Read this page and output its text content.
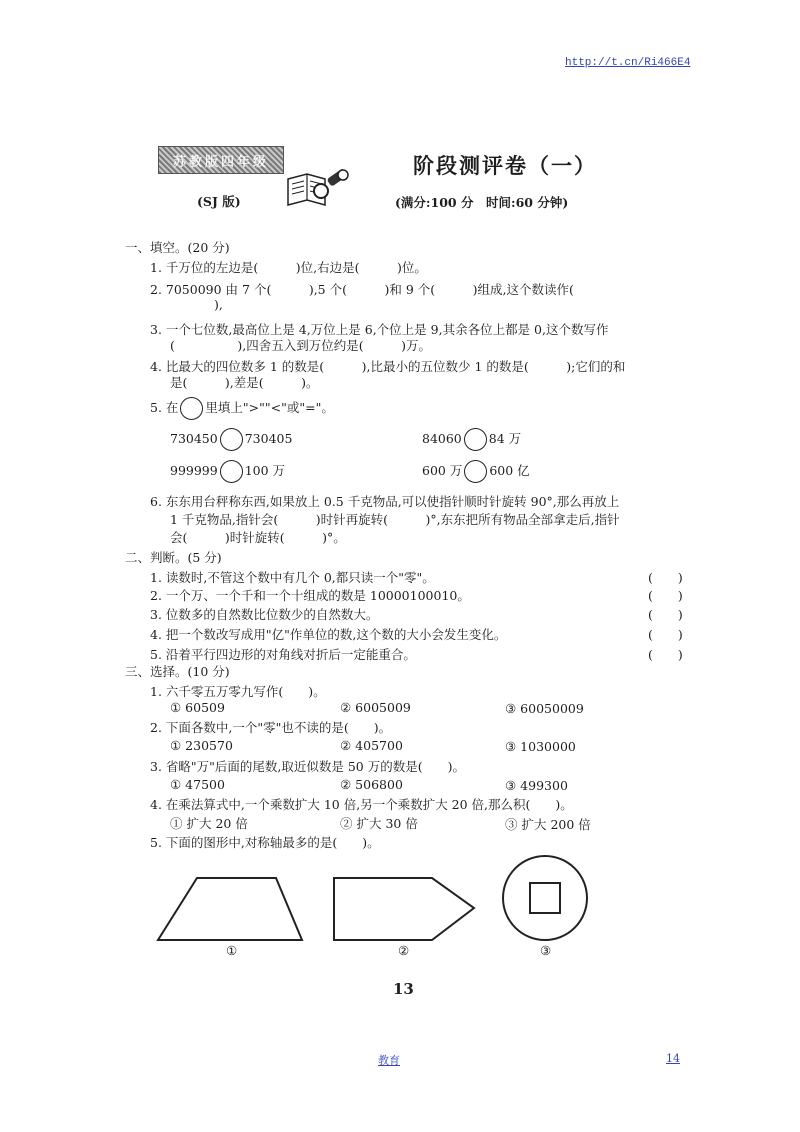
http://t.cn/Ri466E4
苏教版四年级	阶段测评卷（一）
(SJ 版)	(满分:100 分　时间:60 分钟)
一、填空。(20 分)
1. 千万位的左边是(　　　)位,右边是(　　　)位。
2. 7050090 由 7 个(　　　),5 个(　　　)和 9 个(　　　)组成,这个数读作(
),
3. 一个七位数,最高位上是 4,万位上是 6,个位上是 9,其余各位上都是 0,这个数写作
(　　　　　),四舍五入到万位约是(　　　)万。
4. 比最大的四位数多 1 的数是(　　　),比最小的五位数少 1 的数是(　　　);它们的和
是(　　　),差是(　　　)。
5. 在 里填上">""<"或"="。
730450 730405	84060 84 万
999999 100 万	600 万 600 亿
6. 东东用台秤称东西,如果放上 0.5 千克物品,可以使指针顺时针旋转 90°,那么再放上
1 千克物品,指针会(　　　)时针再旋转(　　　)°,东东把所有物品全部拿走后,指针
会(　　　)时针旋转(　　　)°。
二、判断。(5 分)
1. 读数时,不管这个数中有几个 0,都只读一个"零"。	(　　)
2. 一个万、一个千和一个十组成的数是 10000100010。	(　　)
3. 位数多的自然数比位数少的自然数大。	(　　)
4. 把一个数改写成用"亿"作单位的数,这个数的大小会发生变化。	(　　)
5. 沿着平行四边形的对角线对折后一定能重合。	(　　)
三、选择。(10 分)
1. 六千零五万零九写作(　　)。
① 60509	② 6005009	③ 60050009
2. 下面各数中,一个"零"也不读的是(　　)。
① 230570	② 405700	③ 1030000
3. 省略"万"后面的尾数,取近似数是 50 万的数是(　　)。
① 47500	② 506800	③ 499300
4. 在乘法算式中,一个乘数扩大 10 倍,另一个乘数扩大 20 倍,那么积(　　)。
① 扩大 20 倍	② 扩大 30 倍	③ 扩大 200 倍
5. 下面的图形中,对称轴最多的是(　　)。
①	②	③
13
教育	14
